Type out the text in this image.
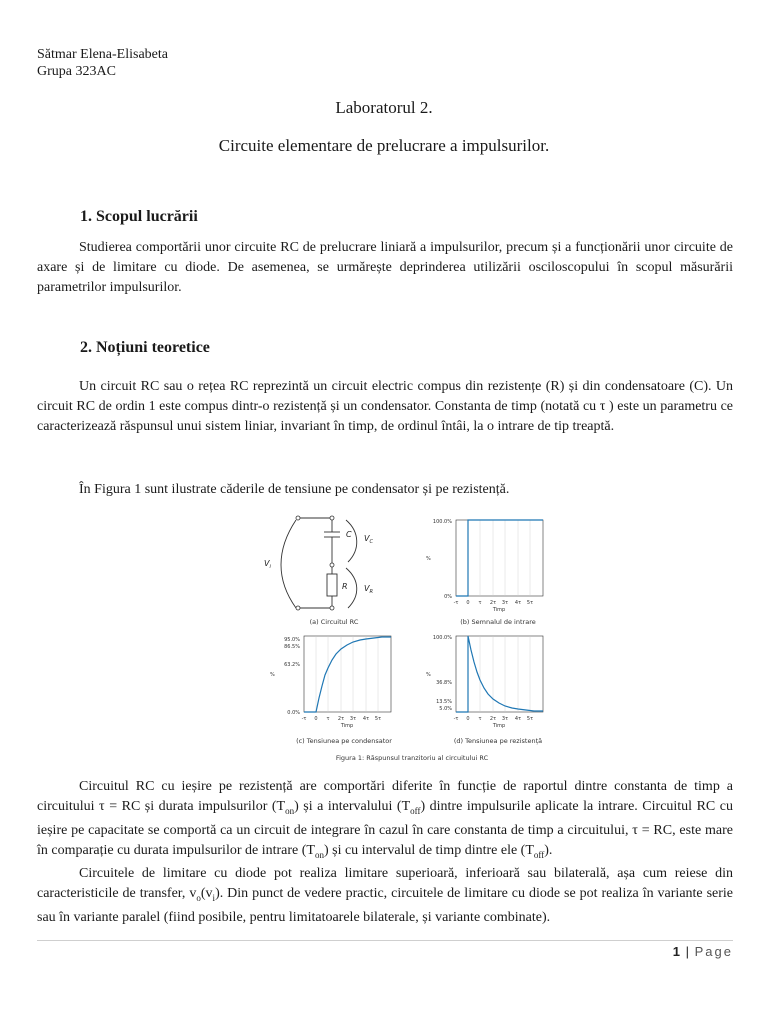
Sătmar Elena-Elisabeta
Grupa 323AC
Laboratorul 2.
Circuite elementare de prelucrare a impulsurilor.
1. Scopul lucrării

Studierea comportării unor circuite RC de prelucrare liniară a impulsurilor, precum și a funcționării unor circuite de axare și de limitare cu diode. De asemenea, se urmărește deprinderea utilizării osciloscopului în scopul măsurării parametrilor impulsurilor.

2. Noțiuni teoretice

Un circuit RC sau o rețea RC reprezintă un circuit electric compus din rezistențe (R) și din condensatoare (C). Un circuit RC de ordin 1 este compus dintr-o rezistență și un condensator. Constanta de timp (notată cu τ ) este un parametru ce caracterizează răspunsul unui sistem liniar, invariant în timp, de ordinul întâi, la o intrare de tip treaptă.

În Figura 1 sunt ilustrate căderile de tensiune pe condensator și pe rezistență.

C
R
$V_C$
$V_R$
$V_i$
(a) Circuitul RC
100.0%
0%
%
-τ 0 τ 2τ 3τ 4τ 5τ
Timp
(b) Semnalul de intrare
95.0%
86.5%
63.2%
0.0%
%
-τ 0 τ 2τ 3τ 4τ 5τ
Timp
(c) Tensiunea pe condensator
100.0%
36.8%
13.5%
5.0%
%
-τ 0 τ 2τ 3τ 4τ 5τ
Timp
(d) Tensiunea pe rezistență
Figura 1: Răspunsul tranzitoriu al circuitului RC

Circuitul RC cu ieșire pe rezistență are comportări diferite în funcție de raportul dintre constanta de timp a circuitului τ = RC și durata impulsurilor $(T_{on})$ și a intervalului $(T_{off})$ dintre impulsurile aplicate la intrare. Circuitul RC cu ieșire pe capacitate se comportă ca un circuit de integrare în cazul în care constanta de timp a circuitului, τ = RC, este mare în comparație cu durata impulsurilor de intrare $(T_{on})$ și cu intervalul de timp dintre ele $(T_{off})$.

Circuitele de limitare cu diode pot realiza limitare superioară, inferioară sau bilaterală, așa cum reiese din caracteristicile de transfer, $v_o(v_i)$. Din punct de vedere practic, circuitele de limitare cu diode se pot realiza în variante serie sau în variante paralel (fiind posibile, pentru limitatoarele bilaterale, și variante combinate).

1 | Page
